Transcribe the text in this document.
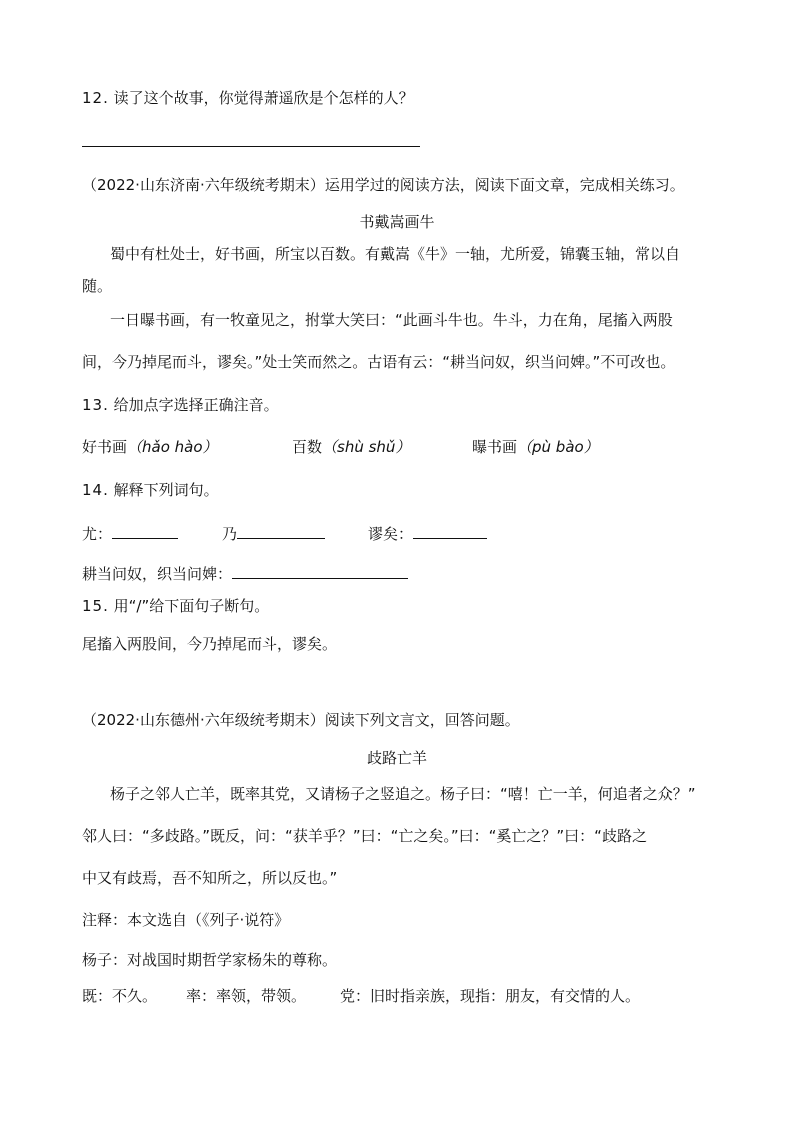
12. 读了这个故事，你觉得萧遥欣是个怎样的人？
（2022·山东济南·六年级统考期末）运用学过的阅读方法，阅读下面文章，完成相关练习。
书戴嵩画牛
蜀中有杜处士，好书画，所宝以百数。有戴嵩《牛》一轴，尤所爱，锦囊玉轴，常以自
随。
一日曝书画，有一牧童见之，拊掌大笑曰：“此画斗牛也。牛斗，力在角，尾搐入两股
间，今乃掉尾而斗，谬矣。”处士笑而然之。古语有云：“耕当问奴，织当问婢。”不可改也。
13. 给加点字选择正确注音。
好书画（hǎo hào）	百数（shù shǔ）	曝书画（pù bào）
14. 解释下列词句。
尤：	乃	谬矣：
耕当问奴，织当问婢：
15. 用“/”给下面句子断句。
尾搐入两股间，今乃掉尾而斗，谬矣。
（2022·山东德州·六年级统考期末）阅读下列文言文，回答问题。
歧路亡羊
杨子之邻人亡羊，既率其党，又请杨子之竖追之。杨子曰：“嘻！亡一羊，何追者之众？”
邻人曰：“多歧路。”既反，问：“获羊乎？”曰：“亡之矣。”曰：“奚亡之？”曰：“歧路之
中又有歧焉，吾不知所之，所以反也。”
注释：本文选自（《列子·说符》
杨子：对战国时期哲学家杨朱的尊称。
既：不久。 率：率领，带领。 党：旧时指亲族，现指：朋友，有交情的人。
